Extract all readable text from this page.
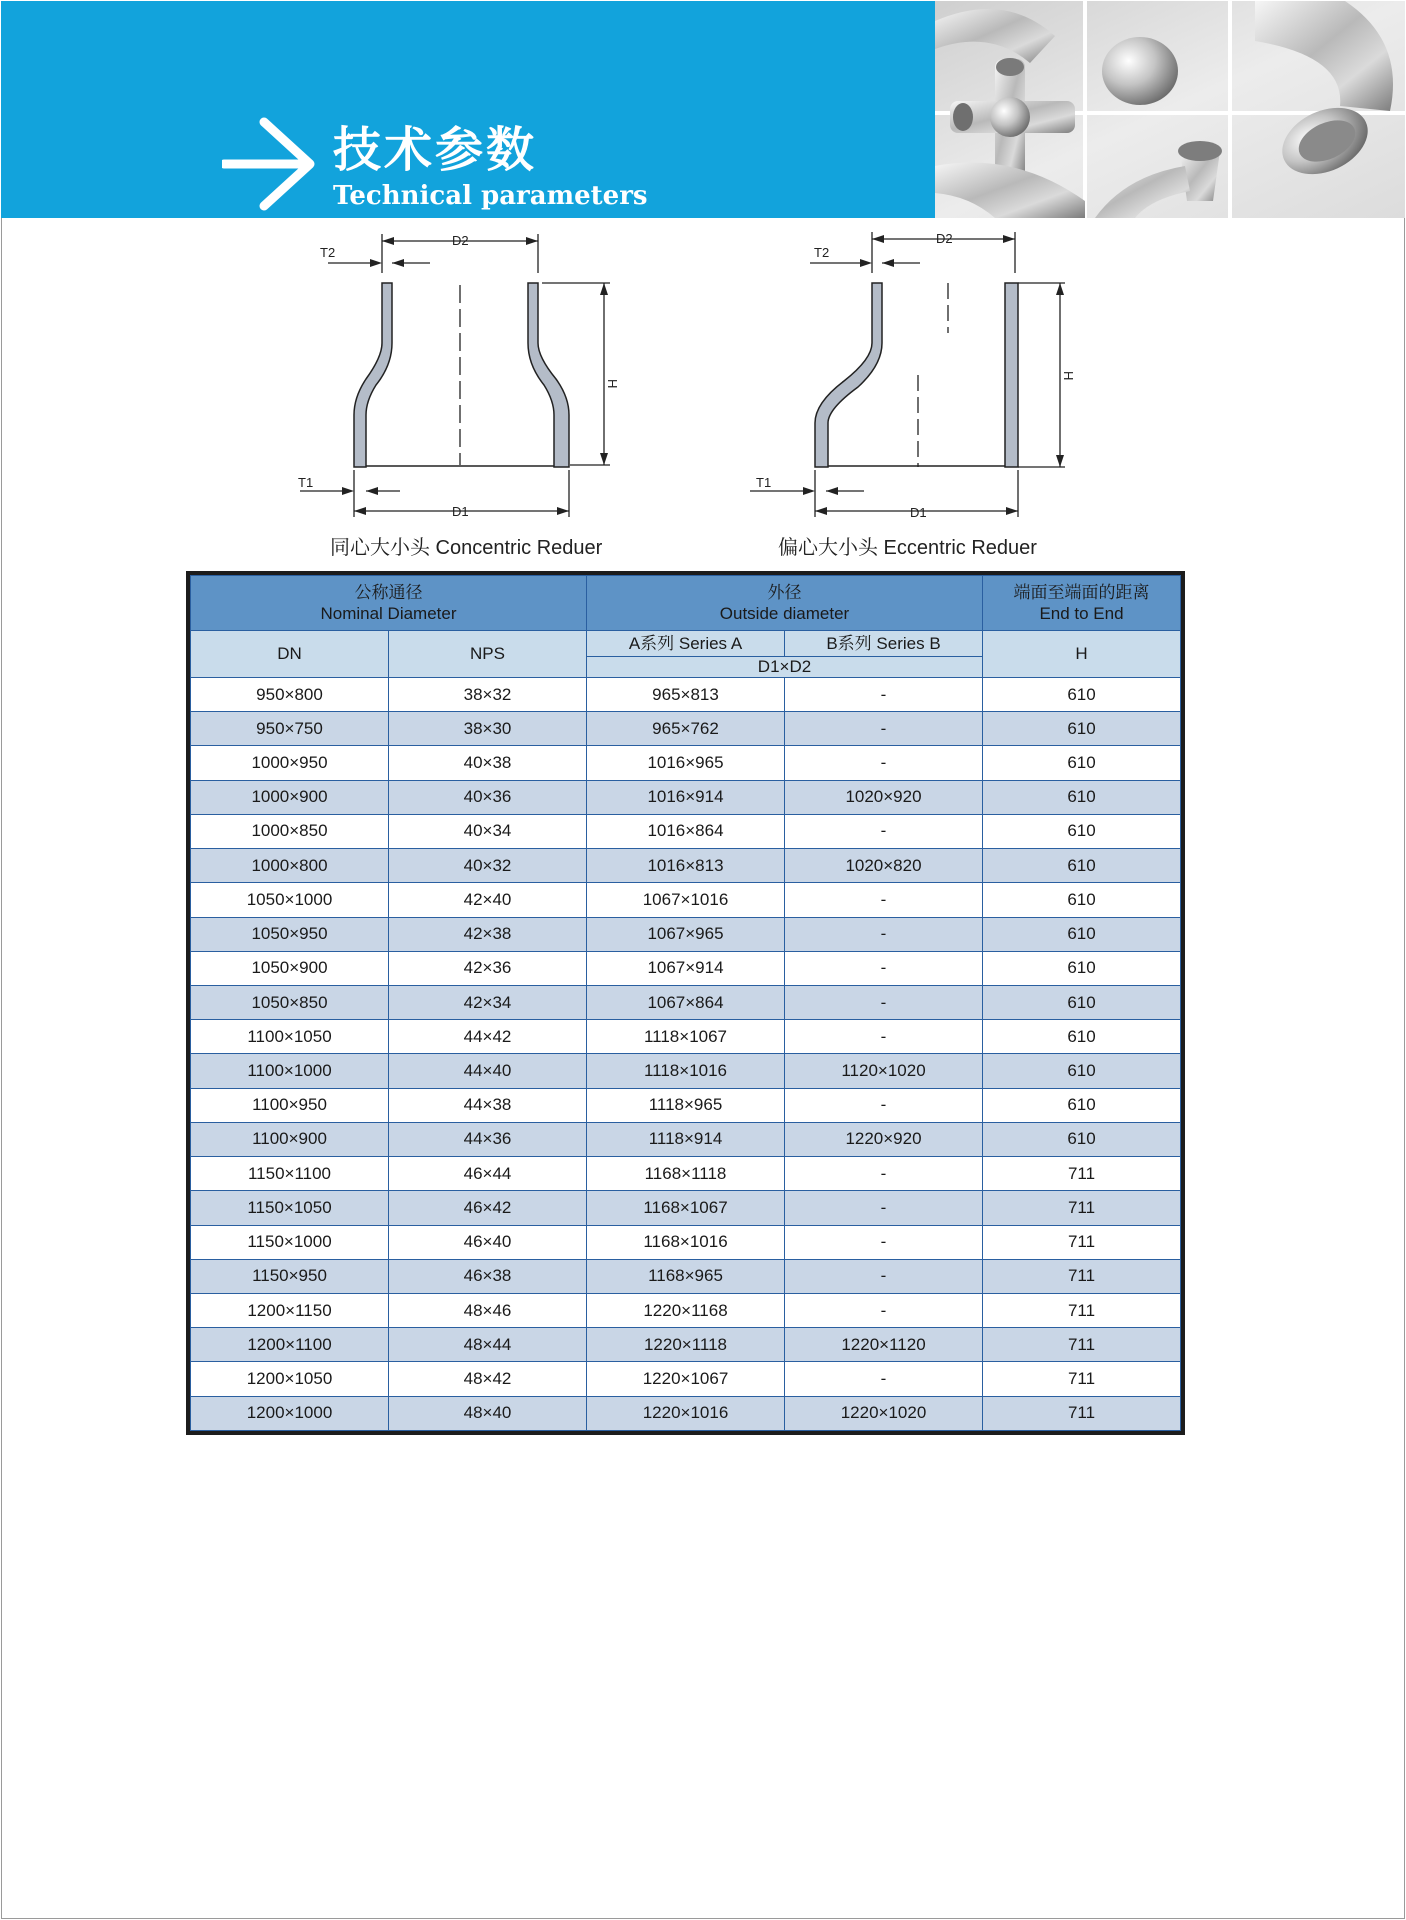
技术参数
Technical parameters
D2
T2
H
T1
D1
同心大小头 Concentric Reduer
D2
T2
H
T1
D1
偏心大小头 Eccentric Reduer
公称通径
Nominal Diameter		外径
Outside diameter		端面至端面的距离
End to End

DN	NPS	A系列 Series A	B系列 Series B	H
		D1×D2		
950×800	38×32	965×813	-	610
950×750	38×30	965×762	-	610
1000×950	40×38	1016×965	-	610
1000×900	40×36	1016×914	1020×920	610
1000×850	40×34	1016×864	-	610
1000×800	40×32	1016×813	1020×820	610
1050×1000	42×40	1067×1016	-	610
1050×950	42×38	1067×965	-	610
1050×900	42×36	1067×914	-	610
1050×850	42×34	1067×864	-	610
1100×1050	44×42	1118×1067	-	610
1100×1000	44×40	1118×1016	1120×1020	610
1100×950	44×38	1118×965	-	610
1100×900	44×36	1118×914	1220×920	610
1150×1100	46×44	1168×1118	-	711
1150×1050	46×42	1168×1067	-	711
1150×1000	46×40	1168×1016	-	711
1150×950	46×38	1168×965	-	711
1200×1150	48×46	1220×1168	-	711
1200×1100	48×44	1220×1118	1220×1120	711
1200×1050	48×42	1220×1067	-	711
1200×1000	48×40	1220×1016	1220×1020	711
